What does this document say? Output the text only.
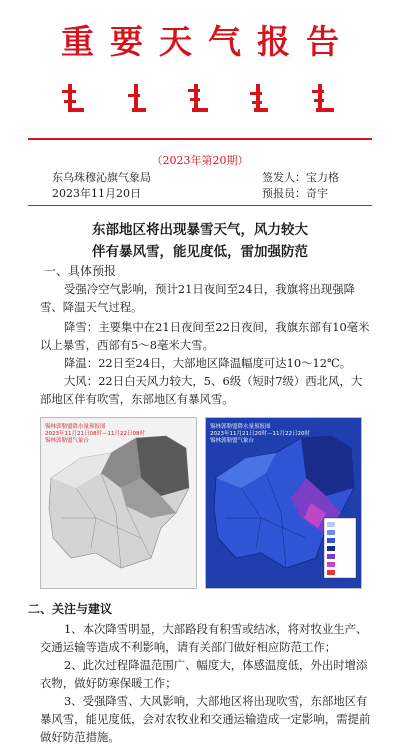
重要天气报告
（2023年第20期）
东乌珠穆沁旗气象局
2023年11月20日
签发人：宝力格
预报员：奇宇
东部地区将出现暴雪天气，风力较大
伴有暴风雪，能见度低，雷加强防范
一、具体预报
受强冷空气影响，预计21日夜间至24日，我旗将出现强降雪、降温天气过程。
降雪：主要集中在21日夜间至22日夜间，我旗东部有10毫米以上暴雪，西部有5～8毫米大雪。
降温：22日至24日，大部地区降温幅度可达10～12℃。
大风：22日白天风力较大，5、6级（短时7级）西北风，大部地区伴有吹雪，东部地区有暴风雪。
锡林郭勒盟降水量预报图
2023年11月21日08时—11月22日08时
锡林郭勒盟气象台
锡林郭勒盟降水量预报图
2023年11月21日20时—11月22日20时
锡林郭勒盟气象台
二、关注与建议
1、本次降雪明显，大部路段有积雪或结冰，将对牧业生产、交通运输等造成不利影响，请有关部门做好相应防范工作；
2、此次过程降温范围广、幅度大，体感温度低，外出时增添衣物，做好防寒保暖工作；
3、受强降雪、大风影响，大部地区将出现吹雪，东部地区有暴风雪，能见度低，会对农牧业和交通运输造成一定影响，需提前做好防范措施。
